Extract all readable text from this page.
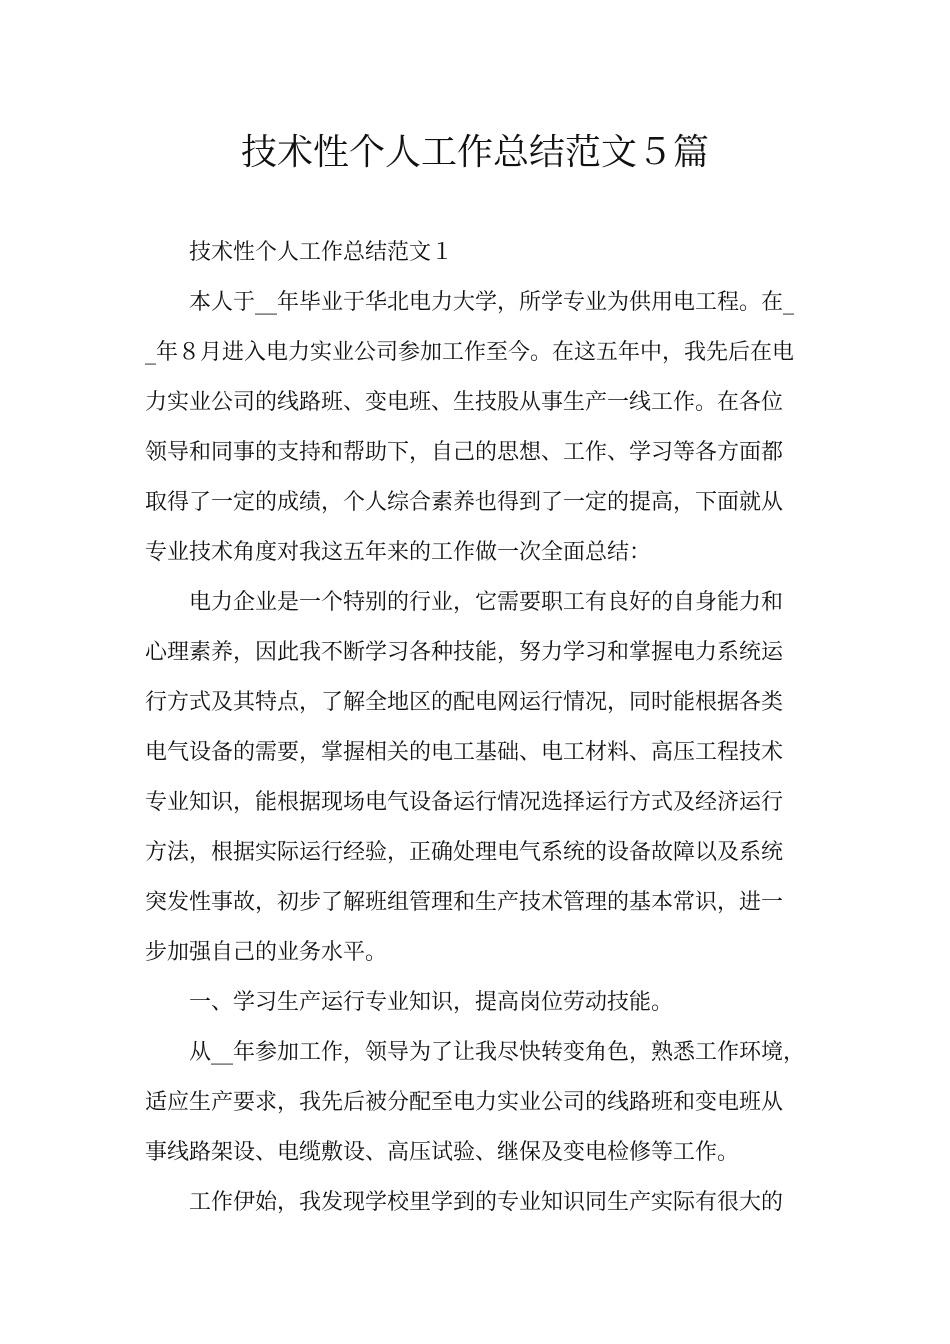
技术性个人工作总结范文５篇
技术性个人工作总结范文１
本人于__年毕业于华北电力大学，所学专业为供用电工程。在_
_年８月进入电力实业公司参加工作至今。在这五年中，我先后在电
力实业公司的线路班、变电班、生技股从事生产一线工作。在各位
领导和同事的支持和帮助下，自己的思想、工作、学习等各方面都
取得了一定的成绩，个人综合素养也得到了一定的提高，下面就从
专业技术角度对我这五年来的工作做一次全面总结：
电力企业是一个特别的行业，它需要职工有良好的自身能力和
心理素养，因此我不断学习各种技能，努力学习和掌握电力系统运
行方式及其特点，了解全地区的配电网运行情况，同时能根据各类
电气设备的需要，掌握相关的电工基础、电工材料、高压工程技术
专业知识，能根据现场电气设备运行情况选择运行方式及经济运行
方法，根据实际运行经验，正确处理电气系统的设备故障以及系统
突发性事故，初步了解班组管理和生产技术管理的基本常识，进一
步加强自己的业务水平。
一、学习生产运行专业知识，提高岗位劳动技能。
从__年参加工作，领导为了让我尽快转变角色，熟悉工作环境，
适应生产要求，我先后被分配至电力实业公司的线路班和变电班从
事线路架设、电缆敷设、高压试验、继保及变电检修等工作。
工作伊始，我发现学校里学到的专业知识同生产实际有很大的
